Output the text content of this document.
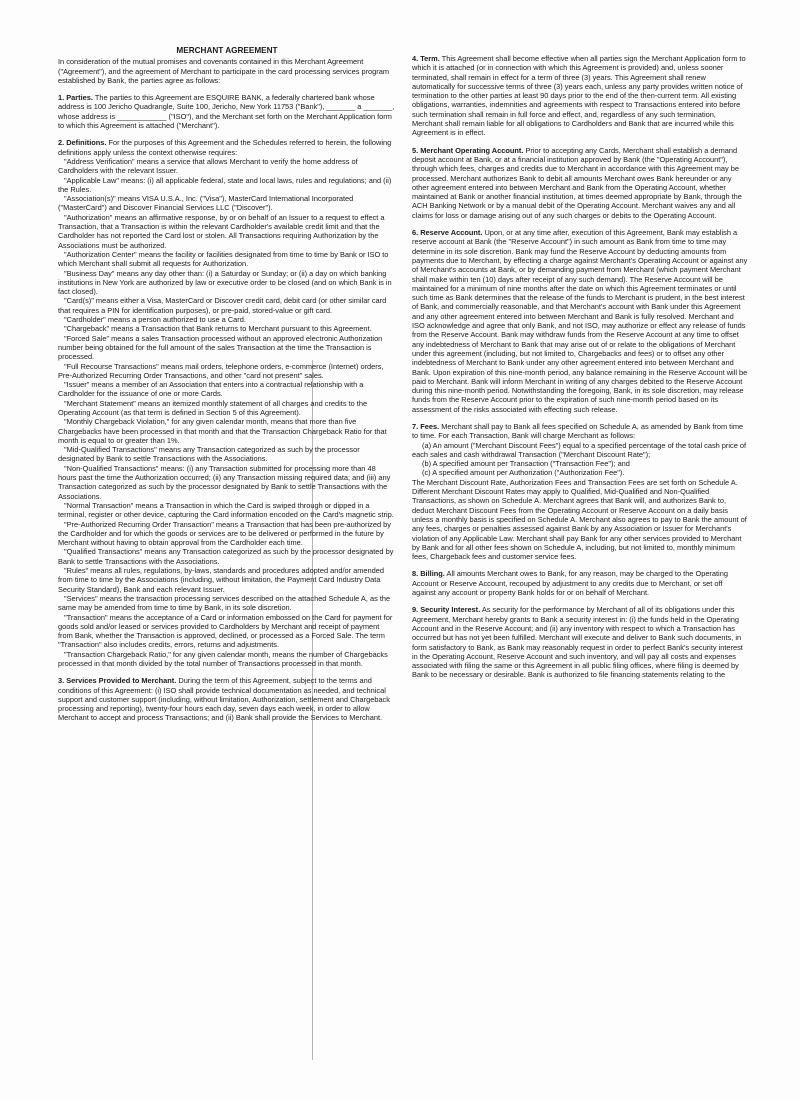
MERCHANT AGREEMENT

In consideration of the mutual promises and covenants contained in this Merchant Agreement ("Agreement"), and the agreement of Merchant to participate in the card processing services program established by Bank, the parties agree as follows:

1. Parties. The parties to this Agreement are ESQUIRE BANK, a federally chartered bank whose address is 100 Jericho Quadrangle, Suite 100, Jericho, New York 11753 ("Bank"), _______ a _______, whose address is ____________ ("ISO"), and the Merchant set forth on the Merchant Application form to which this Agreement is attached ("Merchant").

2. Definitions. For the purposes of this Agreement and the Schedules referred to herein, the following definitions apply unless the context otherwise requires:

"Address Verification" means a service that allows Merchant to verify the home address of Cardholders with the relevant Issuer.

"Applicable Law" means: (i) all applicable federal, state and local laws, rules and regulations; and (ii) the Rules.

"Association(s)" means VISA U.S.A., Inc. ("Visa"), MasterCard International Incorporated ("MasterCard") and Discover Financial Services LLC ("Discover").

"Authorization" means an affirmative response, by or on behalf of an Issuer to a request to effect a Transaction, that a Transaction is within the relevant Cardholder's available credit limit and that the Cardholder has not reported the Card lost or stolen. All Transactions requiring Authorization by the Associations must be authorized.

"Authorization Center" means the facility or facilities designated from time to time by Bank or ISO to which Merchant shall submit all requests for Authorization.

"Business Day" means any day other than: (i) a Saturday or Sunday; or (ii) a day on which banking institutions in New York are authorized by law or executive order to be closed (and on which Bank is in fact closed).

"Card(s)" means either a Visa, MasterCard or Discover credit card, debit card (or other similar card that requires a PIN for identification purposes), or pre-paid, stored-value or gift card.

"Cardholder" means a person authorized to use a Card.

"Chargeback" means a Transaction that Bank returns to Merchant pursuant to this Agreement.

"Forced Sale" means a sales Transaction processed without an approved electronic Authorization number being obtained for the full amount of the sales Transaction at the time the Transaction is processed.

"Full Recourse Transactions" means mail orders, telephone orders, e-commerce (Internet) orders, Pre-Authorized Recurring Order Transactions, and other "card not present" sales.

"Issuer" means a member of an Association that enters into a contractual relationship with a Cardholder for the issuance of one or more Cards.

"Merchant Statement" means an itemized monthly statement of all charges and credits to the Operating Account (as that term is defined in Section 5 of this Agreement).

"Monthly Chargeback Violation," for any given calendar month, means that more than five Chargebacks have been processed in that month and that the Transaction Chargeback Ratio for that month is equal to or greater than 1%.

"Mid-Qualified Transactions" means any Transaction categorized as such by the processor designated by Bank to settle Transactions with the Associations.

"Non-Qualified Transactions" means: (i) any Transaction submitted for processing more than 48 hours past the time the Authorization occurred; (ii) any Transaction missing required data; and (iii) any Transaction categorized as such by the processor designated by Bank to settle Transactions with the Associations.

"Normal Transaction" means a Transaction in which the Card is swiped through or dipped in a terminal, register or other device, capturing the Card information encoded on the Card's magnetic strip.

"Pre-Authorized Recurring Order Transaction" means a Transaction that has been pre-authorized by the Cardholder and for which the goods or services are to be delivered or performed in the future by Merchant without having to obtain approval from the Cardholder each time.

"Qualified Transactions" means any Transaction categorized as such by the processor designated by Bank to settle Transactions with the Associations.

"Rules" means all rules, regulations, by-laws, standards and procedures adopted and/or amended from time to time by the Associations (including, without limitation, the Payment Card Industry Data Security Standard), Bank and each relevant Issuer.

"Services" means the transaction processing services described on the attached Schedule A, as the same may be amended from time to time by Bank, in its sole discretion.

"Transaction" means the acceptance of a Card or information embossed on the Card for payment for goods sold and/or leased or services provided to Cardholders by Merchant and receipt of payment from Bank, whether the Transaction is approved, declined, or processed as a Forced Sale. The term "Transaction" also includes credits, errors, returns and adjustments.

"Transaction Chargeback Ratio," for any given calendar month, means the number of Chargebacks processed in that month divided by the total number of Transactions processed in that month.

3. Services Provided to Merchant. During the term of this Agreement, subject to the terms and conditions of this Agreement: (i) ISO shall provide technical documentation as needed, and technical support and customer support (including, without limitation, Authorization, settlement and Chargeback processing and reporting), twenty-four hours each day, seven days each week, in order to allow Merchant to accept and process Transactions; and (ii) Bank shall provide the Services to Merchant.

4. Term. This Agreement shall become effective when all parties sign the Merchant Application form to which it is attached (or in connection with which this Agreement is provided) and, unless sooner terminated, shall remain in effect for a term of three (3) years. This Agreement shall renew automatically for successive terms of three (3) years each, unless any party provides written notice of termination to the other parties at least 90 days prior to the end of the then-current term. All existing obligations, warranties, indemnities and agreements with respect to Transactions entered into before such termination shall remain in full force and effect, and, regardless of any such termination, Merchant shall remain liable for all obligations to Cardholders and Bank that are incurred while this Agreement is in effect.

5. Merchant Operating Account. Prior to accepting any Cards, Merchant shall establish a demand deposit account at Bank, or at a financial institution approved by Bank (the "Operating Account"), through which fees, charges and credits due to Merchant in accordance with this Agreement may be processed. Merchant authorizes Bank to debit all amounts Merchant owes Bank hereunder or any other agreement entered into between Merchant and Bank from the Operating Account, whether maintained at Bank or another financial institution, at times deemed appropriate by Bank, through the ACH Banking Network or by a manual debit of the Operating Account. Merchant waives any and all claims for loss or damage arising out of any such charges or debits to the Operating Account.

6. Reserve Account. Upon, or at any time after, execution of this Agreement, Bank may establish a reserve account at Bank (the "Reserve Account") in such amount as Bank from time to time may determine in its sole discretion. Bank may fund the Reserve Account by deducting amounts from payments due to Merchant, by effecting a charge against Merchant's Operating Account or against any of Merchant's accounts at Bank, or by demanding payment from Merchant (which payment Merchant shall make within ten (10) days after receipt of any such demand). The Reserve Account will be maintained for a minimum of nine months after the date on which this Agreement terminates or until such time as Bank determines that the release of the funds to Merchant is prudent, in the best interest of Bank, and commercially reasonable, and that Merchant's account with Bank under this Agreement and any other agreement entered into between Merchant and Bank is fully resolved. Merchant and ISO acknowledge and agree that only Bank, and not ISO, may authorize or effect any release of funds from the Reserve Account. Bank may withdraw funds from the Reserve Account at any time to offset any indebtedness of Merchant to Bank that may arise out of or relate to the obligations of Merchant under this agreement (including, but not limited to, Chargebacks and fees) or to offset any other indebtedness of Merchant to Bank under any other agreement entered into between Merchant and Bank. Upon expiration of this nine-month period, any balance remaining in the Reserve Account will be paid to Merchant. Bank will inform Merchant in writing of any charges debited to the Reserve Account during this nine-month period. Notwithstanding the foregoing, Bank, in its sole discretion, may release funds from the Reserve Account prior to the expiration of such nine-month period based on its assessment of the risks associated with effecting such release.

7. Fees. Merchant shall pay to Bank all fees specified on Schedule A, as amended by Bank from time to time. For each Transaction, Bank will charge Merchant as follows:

(a) An amount ("Merchant Discount Fees") equal to a specified percentage of the total cash price of each sales and cash withdrawal Transaction ("Merchant Discount Rate");

(b) A specified amount per Transaction ("Transaction Fee"); and

(c) A specified amount per Authorization ("Authorization Fee").

The Merchant Discount Rate, Authorization Fees and Transaction Fees are set forth on Schedule A. Different Merchant Discount Rates may apply to Qualified, Mid-Qualified and Non-Qualified Transactions, as shown on Schedule A. Merchant agrees that Bank will, and authorizes Bank to, deduct Merchant Discount Fees from the Operating Account or Reserve Account on a daily basis unless a monthly basis is specified on Schedule A. Merchant also agrees to pay to Bank the amount of any fees, charges or penalties assessed against Bank by any Association or Issuer for Merchant's violation of any Applicable Law. Merchant shall pay Bank for any other services provided to Merchant by Bank and for all other fees shown on Schedule A, including, but not limited to, monthly minimum fees, Chargeback fees and customer service fees.

8. Billing. All amounts Merchant owes to Bank, for any reason, may be charged to the Operating Account or Reserve Account, recouped by adjustment to any credits due to Merchant, or set off against any account or property Bank holds for or on behalf of Merchant.

9. Security Interest. As security for the performance by Merchant of all of its obligations under this Agreement, Merchant hereby grants to Bank a security interest in: (i) the funds held in the Operating Account and in the Reserve Account; and (ii) any inventory with respect to which a Transaction has occurred but has not yet been fulfilled. Merchant will execute and deliver to Bank such documents, in form satisfactory to Bank, as Bank may reasonably request in order to perfect Bank's security interest in the Operating Account, Reserve Account and such inventory, and will pay all costs and expenses associated with filing the same or this Agreement in all public filing offices, where filing is deemed by Bank to be necessary or desirable. Bank is authorized to file financing statements relating to the
